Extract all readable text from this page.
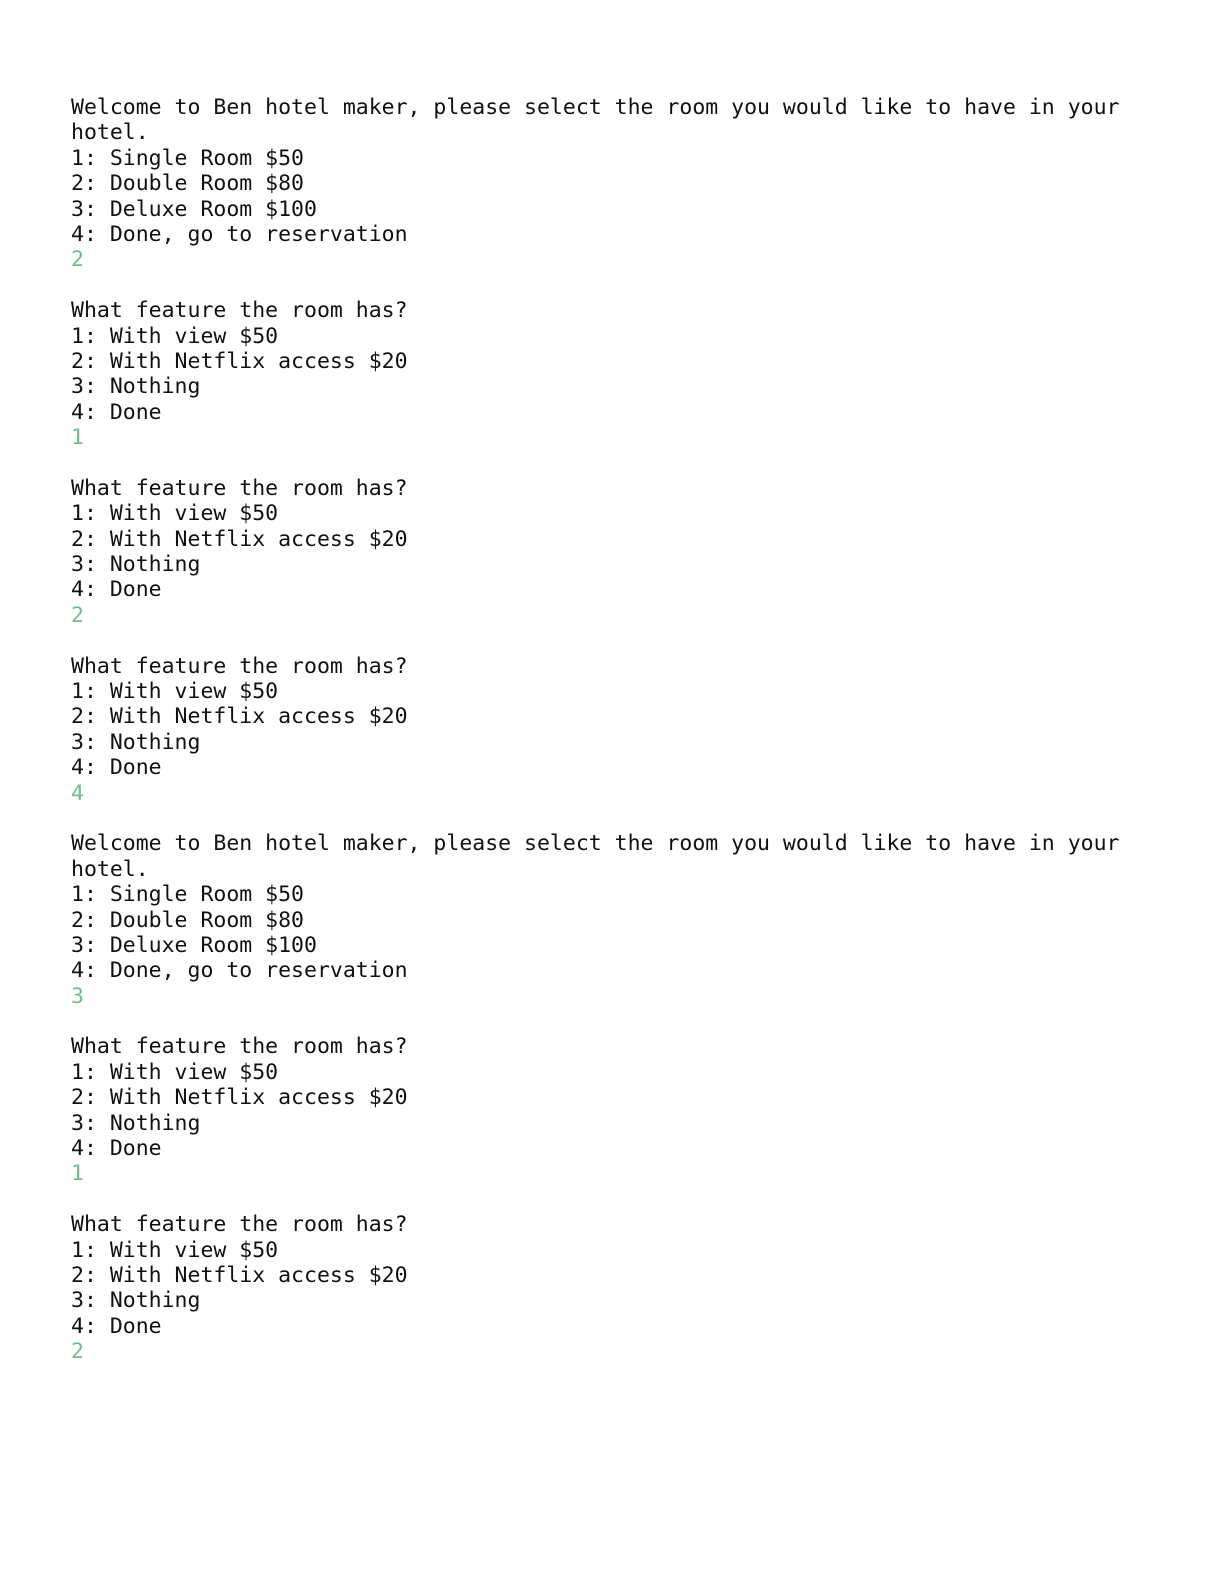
Welcome to Ben hotel maker, please select the room you would like to have in your
hotel.
1: Single Room $50
2: Double Room $80
3: Deluxe Room $100
4: Done, go to reservation
2
What feature the room has?
1: With view $50
2: With Netflix access $20
3: Nothing
4: Done
1
What feature the room has?
1: With view $50
2: With Netflix access $20
3: Nothing
4: Done
2
What feature the room has?
1: With view $50
2: With Netflix access $20
3: Nothing
4: Done
4
Welcome to Ben hotel maker, please select the room you would like to have in your
hotel.
1: Single Room $50
2: Double Room $80
3: Deluxe Room $100
4: Done, go to reservation
3
What feature the room has?
1: With view $50
2: With Netflix access $20
3: Nothing
4: Done
1
What feature the room has?
1: With view $50
2: With Netflix access $20
3: Nothing
4: Done
2
